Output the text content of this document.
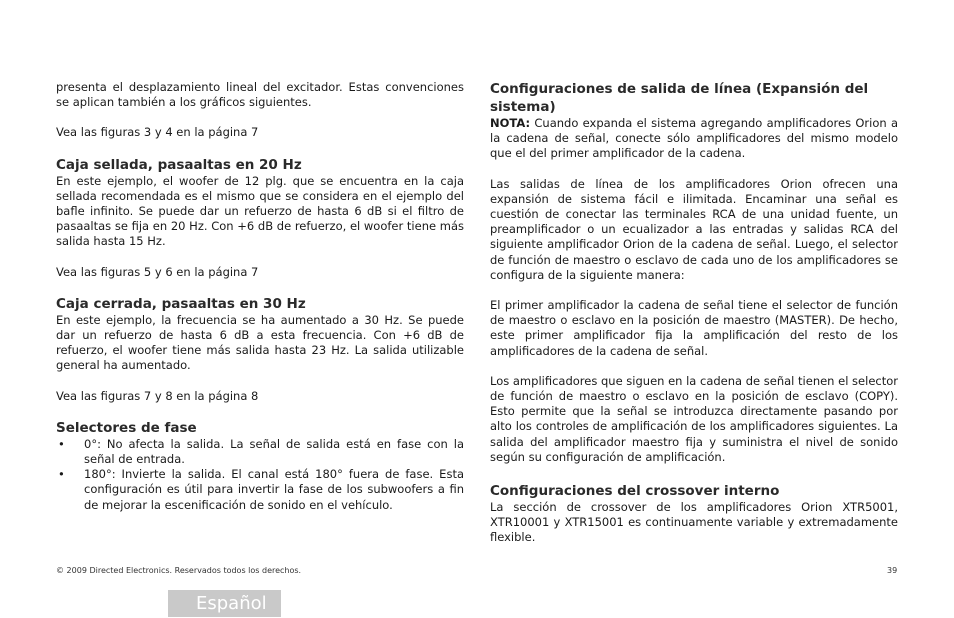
presenta el desplazamiento lineal del excitador. Estas convenciones se aplican también a los gráficos siguientes.

Vea las figuras 3 y 4 en la página 7

Caja sellada, pasaaltas en 20 Hz

En este ejemplo, el woofer de 12 plg. que se encuentra en la caja sellada recomendada es el mismo que se considera en el ejemplo del bafle infinito. Se puede dar un refuerzo de hasta 6 dB si el filtro de pasaaltas se fija en 20 Hz. Con +6 dB de refuerzo, el woofer tiene más salida hasta 15 Hz.

Vea las figuras 5 y 6 en la página 7

Caja cerrada, pasaaltas en 30 Hz

En este ejemplo, la frecuencia se ha aumentado a 30 Hz. Se puede dar un refuerzo de hasta 6 dB a esta frecuencia. Con +6 dB de refuerzo, el woofer tiene más salida hasta 23 Hz. La salida utilizable general ha aumentado.

Vea las figuras 7 y 8 en la página 8

Selectores de fase
• 0°: No afecta la salida. La señal de salida está en fase con la señal de entrada.
• 180°: Invierte la salida. El canal está 180° fuera de fase. Esta configuración es útil para invertir la fase de los subwoofers a fin de mejorar la escenificación de sonido en el vehículo.
Configuraciones de salida de línea (Expansión del sistema)

NOTA: Cuando expanda el sistema agregando amplificadores Orion a la cadena de señal, conecte sólo amplificadores del mismo modelo que el del primer amplificador de la cadena.

Las salidas de línea de los amplificadores Orion ofrecen una expansión de sistema fácil e ilimitada. Encaminar una señal es cuestión de conectar las terminales RCA de una unidad fuente, un preamplificador o un ecualizador a las entradas y salidas RCA del siguiente amplificador Orion de la cadena de señal. Luego, el selector de función de maestro o esclavo de cada uno de los amplificadores se configura de la siguiente manera:

El primer amplificador la cadena de señal tiene el selector de función de maestro o esclavo en la posición de maestro (MASTER). De hecho, este primer amplificador fija la amplificación del resto de los amplificadores de la cadena de señal.

Los amplificadores que siguen en la cadena de señal tienen el selector de función de maestro o esclavo en la posición de esclavo (COPY). Esto permite que la señal se introduzca directamente pasando por alto los controles de amplificación de los amplificadores siguientes. La salida del amplificador maestro fija y suministra el nivel de sonido según su configuración de amplificación.

Configuraciones del crossover interno

La sección de crossover de los amplificadores Orion XTR5001, XTR10001 y XTR15001 es continuamente variable y extremadamente flexible.

© 2009 Directed Electronics. Reservados todos los derechos.	39
Español
